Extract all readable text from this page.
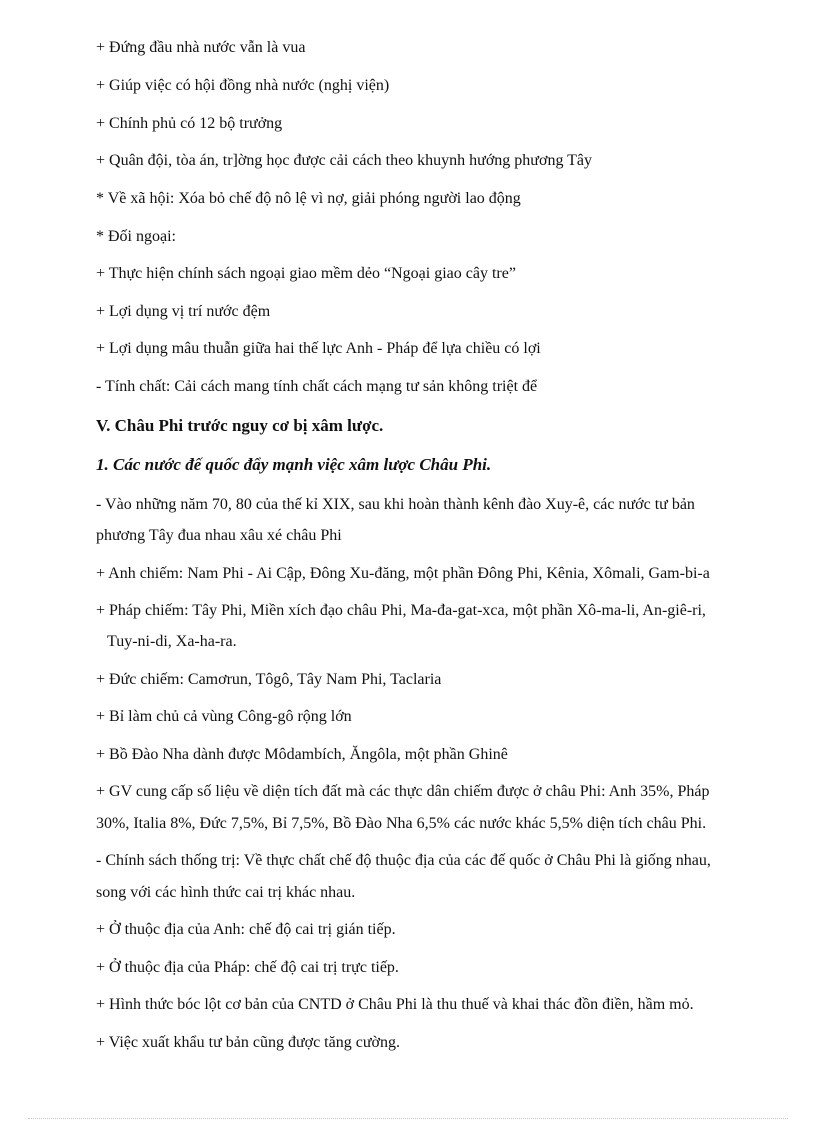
+ Đứng đầu nhà nước vẫn là vua
+ Giúp việc có hội đồng nhà nước (nghị viện)
+ Chính phủ có 12 bộ trưởng
+ Quân đội, tòa án, tr]ờng học được cải cách theo khuynh hướng phương Tây
* Về xã hội: Xóa bỏ chế độ nô lệ vì nợ, giải phóng người lao động
* Đối ngoại:
+ Thực hiện chính sách ngoại giao mềm dẻo “Ngoại giao cây tre”
+ Lợi dụng vị trí nước đệm
+ Lợi dụng mâu thuẫn giữa hai thế lực Anh - Pháp để lựa chiều có lợi
- Tính chất: Cải cách mang tính chất cách mạng tư sản không triệt để
V. Châu Phi trước nguy cơ bị xâm lược.
1. Các nước đế quốc đẩy mạnh việc xâm lược Châu Phi.
- Vào những năm 70, 80 của thế kỉ XIX, sau khi hoàn thành kênh đào Xuy-ê, các nước tư bản
phương Tây đua nhau xâu xé châu Phi
+ Anh chiếm: Nam Phi - Ai Cập, Đông Xu-đăng, một phần Đông Phi, Kênia, Xômali, Gam-bi-a
+ Pháp chiếm: Tây Phi, Miền xích đạo châu Phi, Ma-đa-gat-xca, một phần Xô-ma-li, An-giê-ri,
Tuy-ni-di, Xa-ha-ra.
+ Đức chiếm: Camơrun, Tôgô, Tây Nam Phi, Taclaria
+ Bỉ làm chủ cả vùng Công-gô rộng lớn
+ Bồ Đào Nha dành được Môdambích, Ăngôla, một phần Ghinê
+ GV cung cấp số liệu về diện tích đất mà các thực dân chiếm được ở châu Phi: Anh 35%, Pháp
30%, Italia 8%, Đức 7,5%, Bỉ 7,5%, Bồ Đào Nha 6,5% các nước khác 5,5% diện tích châu Phi.
- Chính sách thống trị: Về thực chất chế độ thuộc địa của các đế quốc ở Châu Phi là giống nhau,
song với các hình thức cai trị khác nhau.
+ Ở thuộc địa của Anh: chế độ cai trị gián tiếp.
+ Ở thuộc địa của Pháp: chế độ cai trị trực tiếp.
+ Hình thức bóc lột cơ bản của CNTD ở Châu Phi là thu thuế và khai thác đồn điền, hầm mỏ.
+ Việc xuất khẩu tư bản cũng được tăng cường.
